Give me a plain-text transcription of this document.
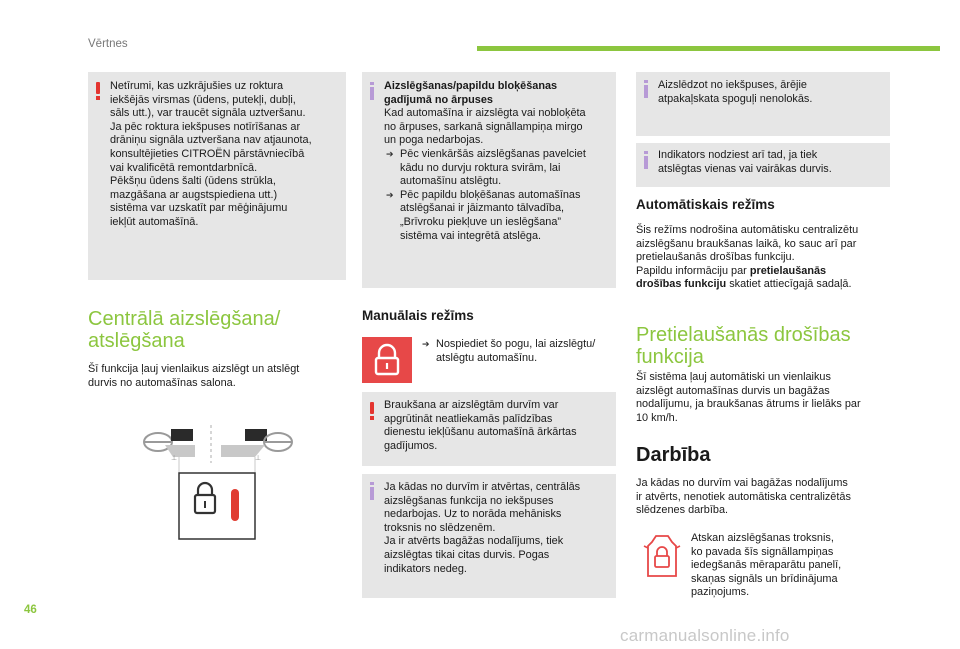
Vērtnes

Netīrumi, kas uzkrājušies uz roktura

iekšējās virsmas (ūdens, putekļi, dubļi,

sāls utt.), var traucēt signāla uztveršanu.

Ja pēc roktura iekšpuses notīrīšanas ar

drāniņu signāla uztveršana nav atjaunota,

konsultējieties CITROËN pārstāvniecībā

vai kvalificētā remontdarbnīcā.

Pēkšņu ūdens šalti (ūdens strūkla,

mazgāšana ar augstspiediena utt.)

sistēma var uzskatīt par mēģinājumu

iekļūt automašīnā.

Centrālā aizslēgšana/
atslēgšana

Šī funkcija ļauj vienlaikus aizslēgt un atslēgt

durvis no automašīnas salona.

⊥	⊥

Aizslēgšanas/papildu bloķēšanas

gadījumā no ārpuses

Kad automašīna ir aizslēgta vai nobloķēta

no ārpuses, sarkanā signāllampiņa mirgo

un poga nedarbojas.

➔ Pēc vienkāršās aizslēgšanas pavelciet
kādu no durvju roktura svirām, lai
automašīnu atslēgtu.
➔ Pēc papildu bloķēšanas automašīnas
atslēgšanai ir jāizmanto tālvadība,
„Brīvroku piekļuve un ieslēgšana”
sistēma vai integrētā atslēga.
Manuālais režīms
➔ Nospiediet šo pogu, lai aizslēgtu/
atslēgtu automašīnu.

Braukšana ar aizslēgtām durvīm var

apgrūtināt neatliekamās palīdzības

dienestu iekļūšanu automašīnā ārkārtas

gadījumos.

Ja kādas no durvīm ir atvērtas, centrālās

aizslēgšanas funkcija no iekšpuses

nedarbojas. Uz to norāda mehānisks

troksnis no slēdzenēm.

Ja ir atvērts bagāžas nodalījums, tiek

aizslēgtas tikai citas durvis. Pogas

indikators nedeg.

Aizslēdzot no iekšpuses, ārējie

atpakaļskata spoguļi nenolokās.

Indikators nodziest arī tad, ja tiek

atslēgtas vienas vai vairākas durvis.

Automātiskais režīms

Šis režīms nodrošina automātisku centralizētu

aizslēgšanu braukšanas laikā, ko sauc arī par

pretielaušanās drošības funkciju.

Papildu informāciju par pretielaušanās

drošības funkciju skatiet attiecīgajā sadaļā.

Pretielaušanās drošības
funkcija

Šī sistēma ļauj automātiski un vienlaikus

aizslēgt automašīnas durvis un bagāžas

nodalījumu, ja braukšanas ātrums ir lielāks par

10 km/h.

Darbība

Ja kādas no durvīm vai bagāžas nodalījums

ir atvērts, nenotiek automātiska centralizētās

slēdzenes darbība.

Atskan aizslēgšanas troksnis,

ko pavada šīs signāllampiņas

iedegšanās mēraparātu panelī,

skaņas signāls un brīdinājuma

paziņojums.

46
carmanualsonline.info
